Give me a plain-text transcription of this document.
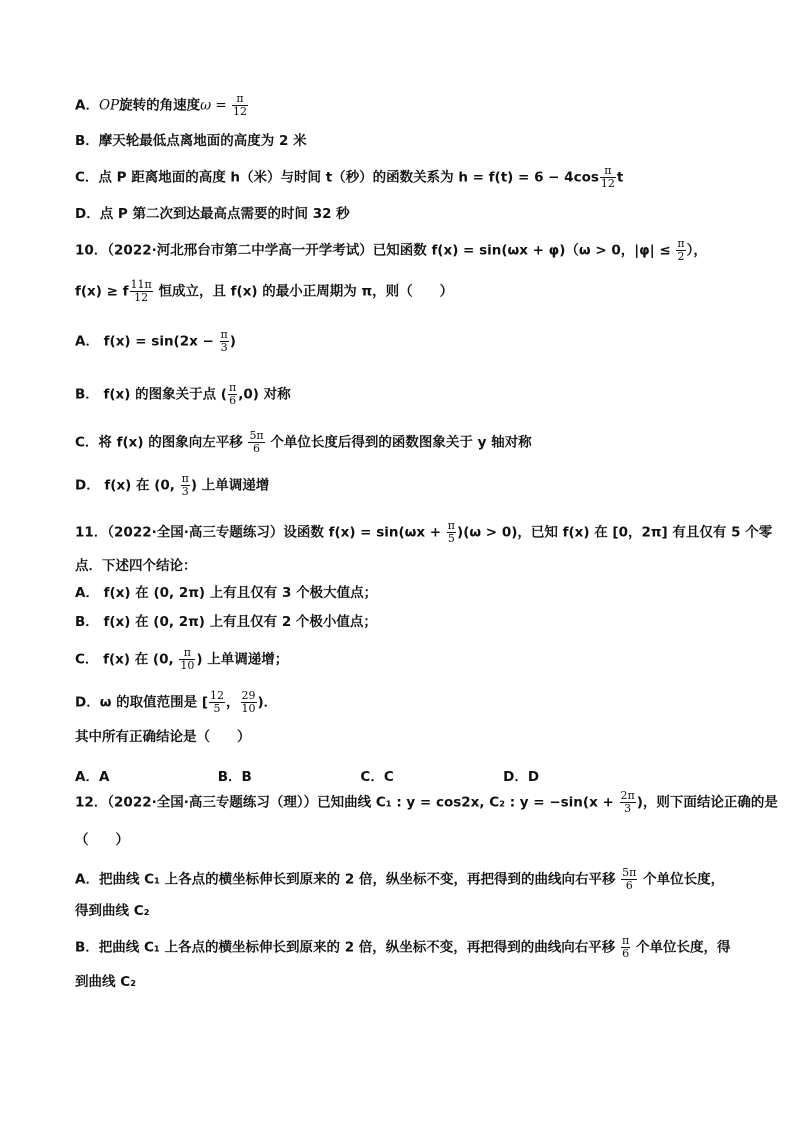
A．OP旋转的角速度$\omega = \frac{\pi}{12}$
B．摩天轮最低点离地面的高度为 2 米
C．点 P 距离地面的高度 h（米）与时间 t（秒）的函数关系为 $h = f(t) = 6 - 4\cos \frac{\pi}{12}$ t
D．点 P 第二次到达最高点需要的时间 32 秒
10．（2022·河北邢台市第二中学高一开学考试）已知函数 f(x) = sin(ωx + φ)（ω > 0，$|\varphi| \le \frac{\pi}{2}$ ），
f(x) ≥ f $\frac{11\pi}{12}$ 恒成立，且 f(x) 的最小正周期为 π，则（　　）
A． $f(x) = \sin(2x - \frac{\pi}{3}$ )
B． f(x) 的图象关于点 ( $\frac{\pi}{6} ,0$) 对称
C．将 f(x) 的图象向左平移 $\frac{5\pi}{6}$ 个单位长度后得到的函数图象关于 y 轴对称
D． f(x) 在 (0, $\frac{\pi}{3}$ ) 上单调递增
11．（2022·全国·高三专题练习）设函数 $f(x) = \sin(\omega x + \frac{\pi}{5} )(\omega > 0)$，已知 f(x) 在 [0，2π] 有且仅有 5 个零
点．下述四个结论：
A． f(x) 在 (0, 2π) 上有且仅有 3 个极大值点；
B． f(x) 在 (0, 2π) 上有且仅有 2 个极小值点；
C． f(x) 在 (0, $\frac{\pi}{10}$ ) 上单调递增；
D．ω 的取值范围是 [ $\frac{12}{5}$ ， $\frac{29}{10}$ )．
其中所有正确结论是（　　）
12．（2022·全国·高三专题练习（理））已知曲线 C₁ : y = cos2x, C₂ : $y = -\sin(x + \frac{2\pi}{3}$ )，则下面结论正确的是
（　　）
A．把曲线 C₁ 上各点的横坐标伸长到原来的 2 倍，纵坐标不变，再把得到的曲线向右平移 $\frac{5\pi}{6}$ 个单位长度，
得到曲线 C₂
B．把曲线 C₁ 上各点的横坐标伸长到原来的 2 倍，纵坐标不变，再把得到的曲线向右平移 $\frac{\pi}{6}$ 个单位长度，得
到曲线 C₂
A．A	B．B	C．C	D．D
